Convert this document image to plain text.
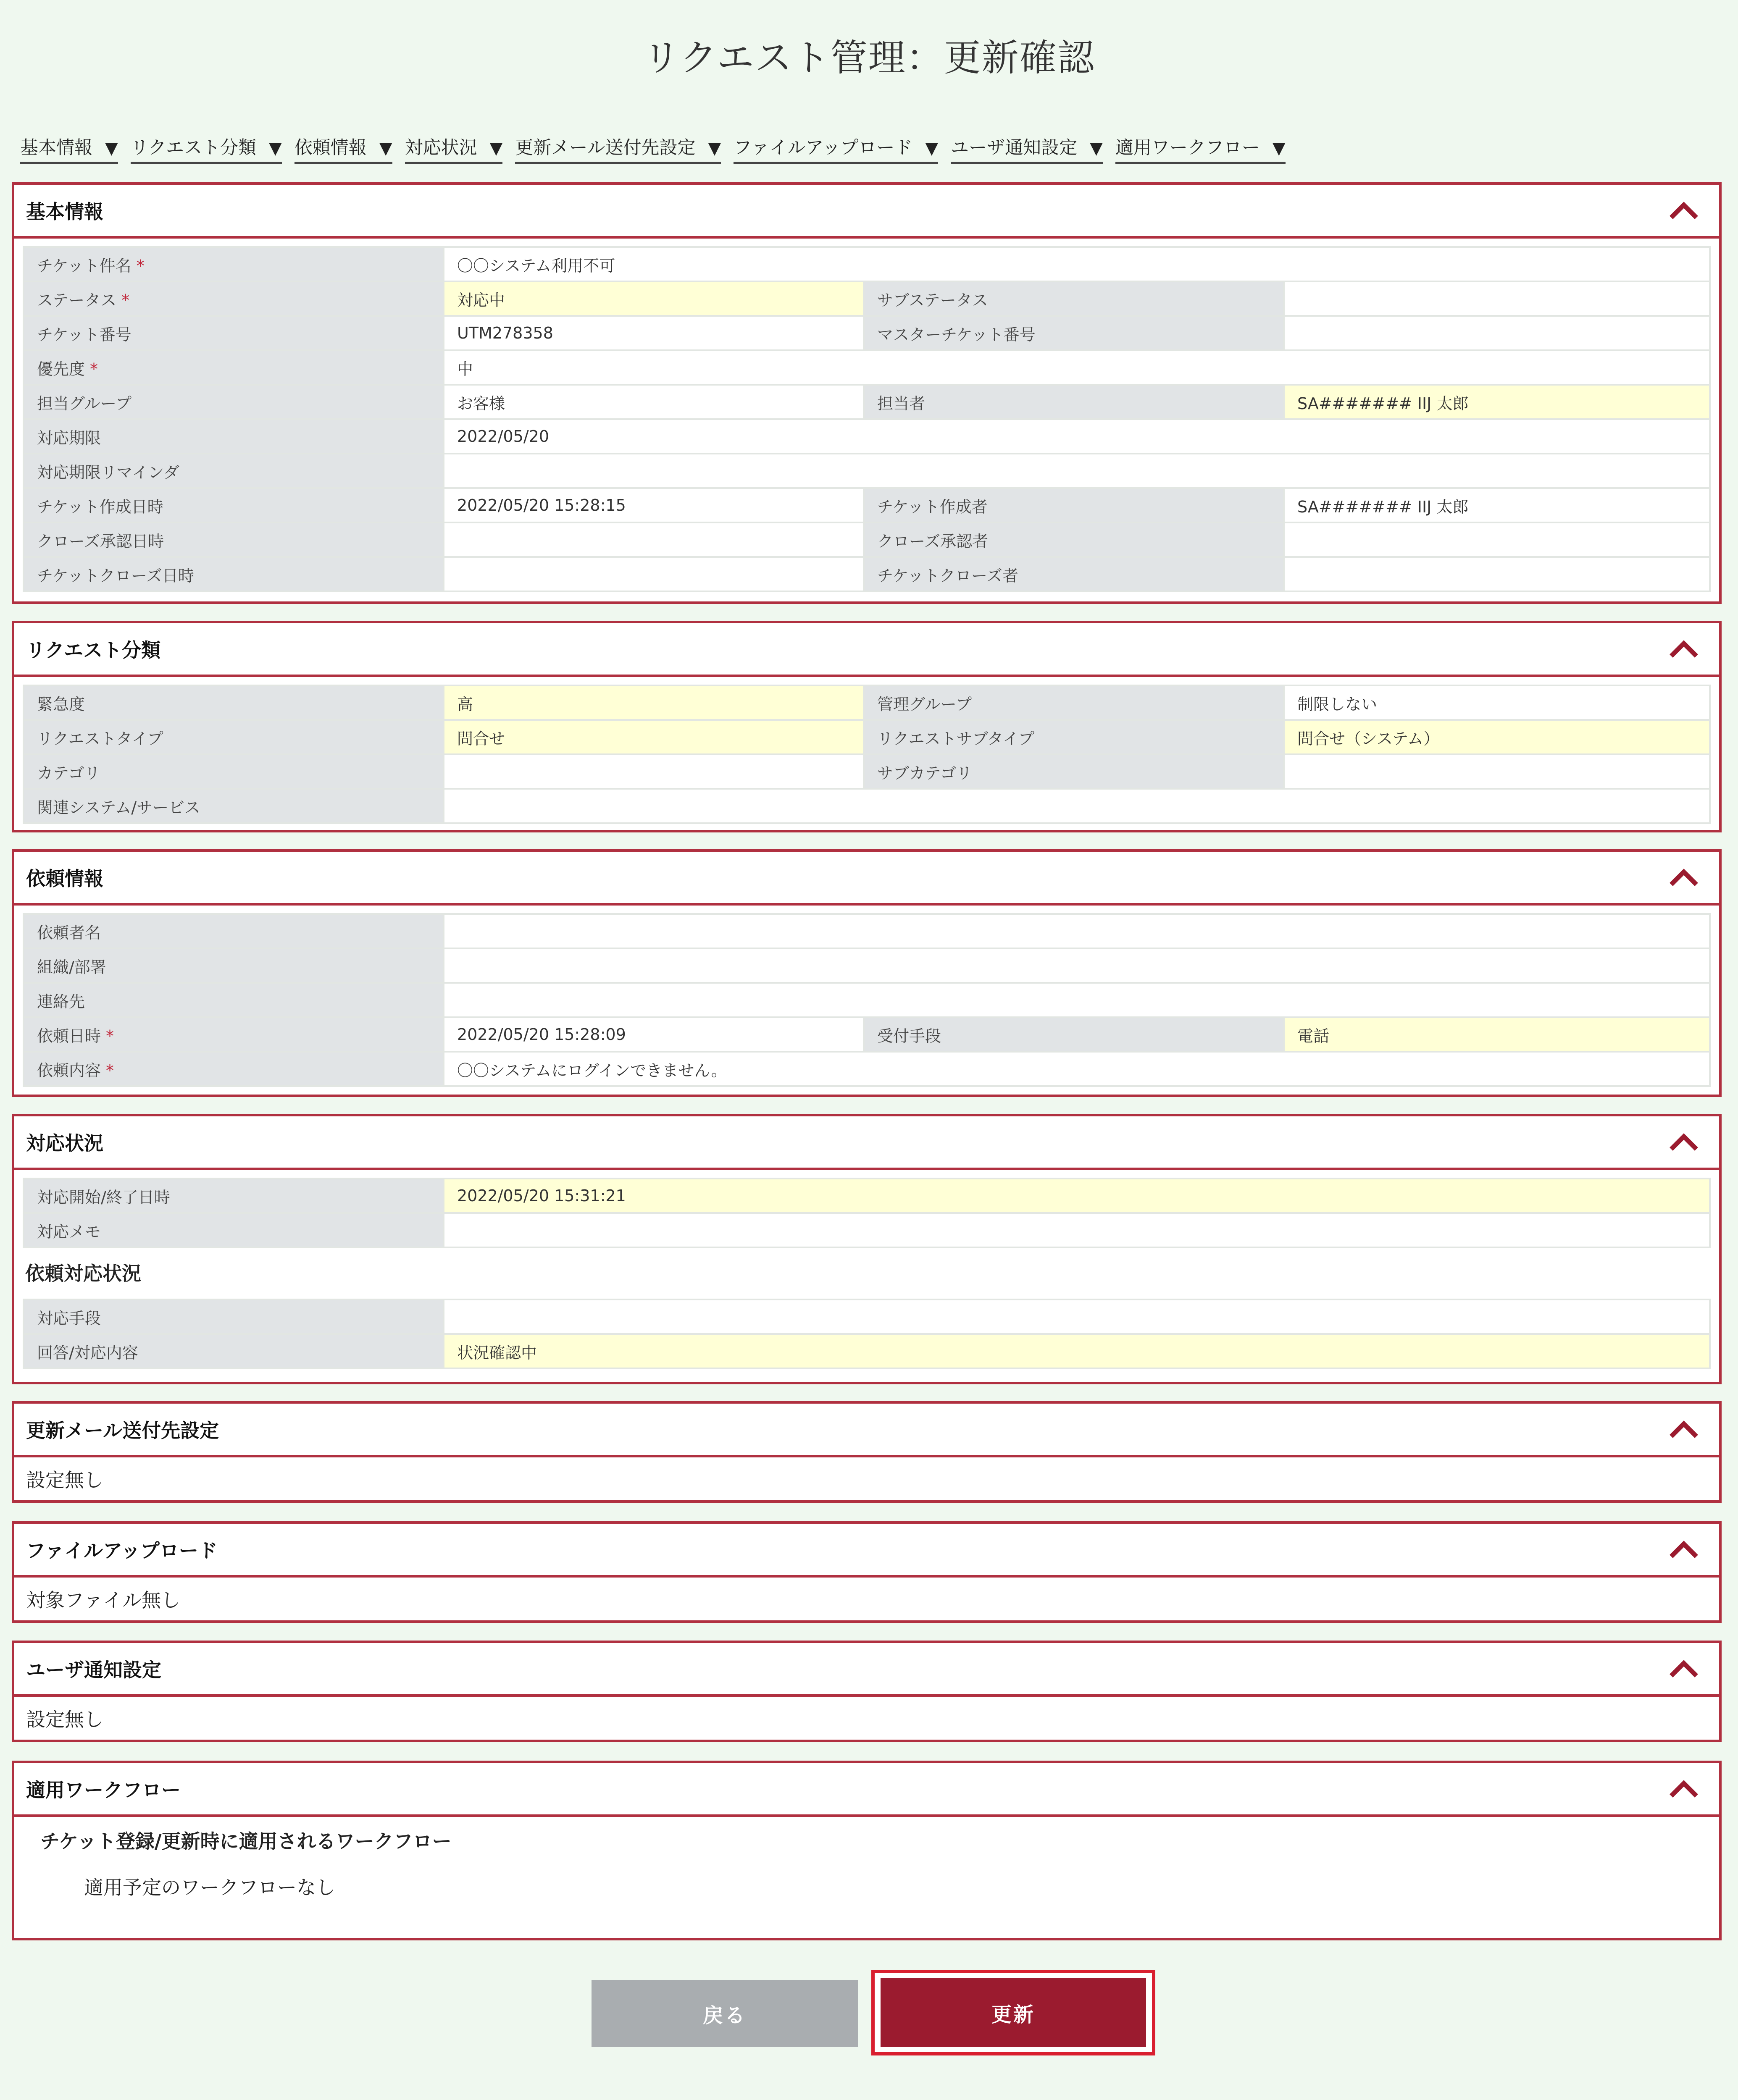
リクエスト管理：更新確認
基本情報 ▼ リクエスト分類 ▼ 依頼情報 ▼ 対応状況 ▼ 更新メール送付先設定 ▼ ファイルアップロード ▼ ユーザ通知設定 ▼ 適用ワークフロー ▼
基本情報
チケット件名 *	〇〇システム利用不可		
ステータス *	対応中	サブステータス	
チケット番号	UTM278358	マスターチケット番号	
優先度 *	中		
担当グループ	お客様	担当者	SA####### IIJ 太郎
対応期限	2022/05/20		
対応期限リマインダ			
チケット作成日時	2022/05/20 15:28:15	チケット作成者	SA####### IIJ 太郎
クローズ承認日時		クローズ承認者	
チケットクローズ日時		チケットクローズ者	
リクエスト分類
緊急度	高	管理グループ	制限しない
リクエストタイプ	問合せ	リクエストサブタイプ	問合せ（システム）
カテゴリ		サブカテゴリ	
関連システム/サービス			
依頼情報
依頼者名			
組織/部署			
連絡先			
依頼日時 *	2022/05/20 15:28:09	受付手段	電話
依頼内容 *	〇〇システムにログインできません。		
対応状況
対応開始/終了日時	2022/05/20 15:31:21
対応メモ	
依頼対応状況
対応手段	
回答/対応内容	状況確認中
更新メール送付先設定
設定無し
ファイルアップロード
対象ファイル無し
ユーザ通知設定
設定無し
適用ワークフロー
チケット登録/更新時に適用されるワークフロー
適用予定のワークフローなし
戻る	更新
